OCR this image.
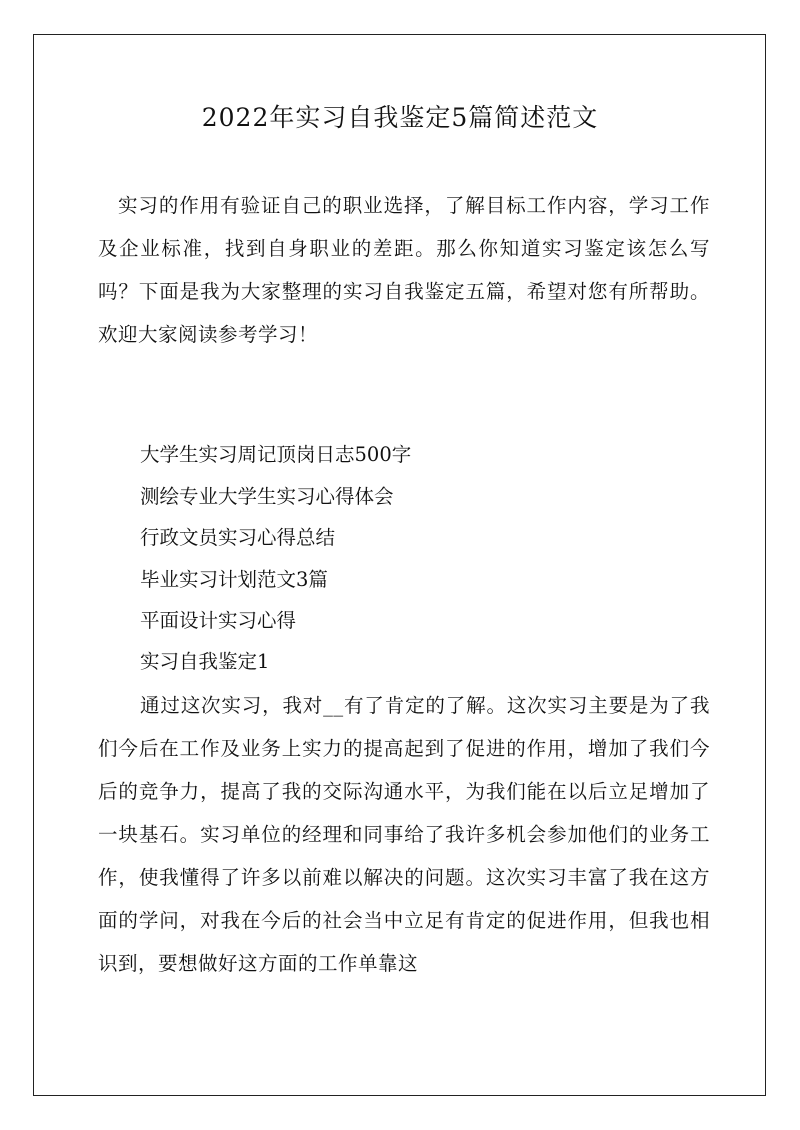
2022年实习自我鉴定5篇简述范文

实习的作用有验证自己的职业选择，了解目标工作内容，学习工作及企业标准，找到自身职业的差距。那么你知道实习鉴定该怎么写吗？下面是我为大家整理的实习自我鉴定五篇，希望对您有所帮助。欢迎大家阅读参考学习！

大学生实习周记顶岗日志500字
测绘专业大学生实习心得体会
行政文员实习心得总结
毕业实习计划范文3篇
平面设计实习心得
实习自我鉴定1

通过这次实习，我对__有了肯定的了解。这次实习主要是为了我们今后在工作及业务上实力的提高起到了促进的作用，增加了我们今后的竞争力，提高了我的交际沟通水平，为我们能在以后立足增加了一块基石。实习单位的经理和同事给了我许多机会参加他们的业务工作，使我懂得了许多以前难以解决的问题。这次实习丰富了我在这方面的学问，对我在今后的社会当中立足有肯定的促进作用，但我也相识到，要想做好这方面的工作单靠这
